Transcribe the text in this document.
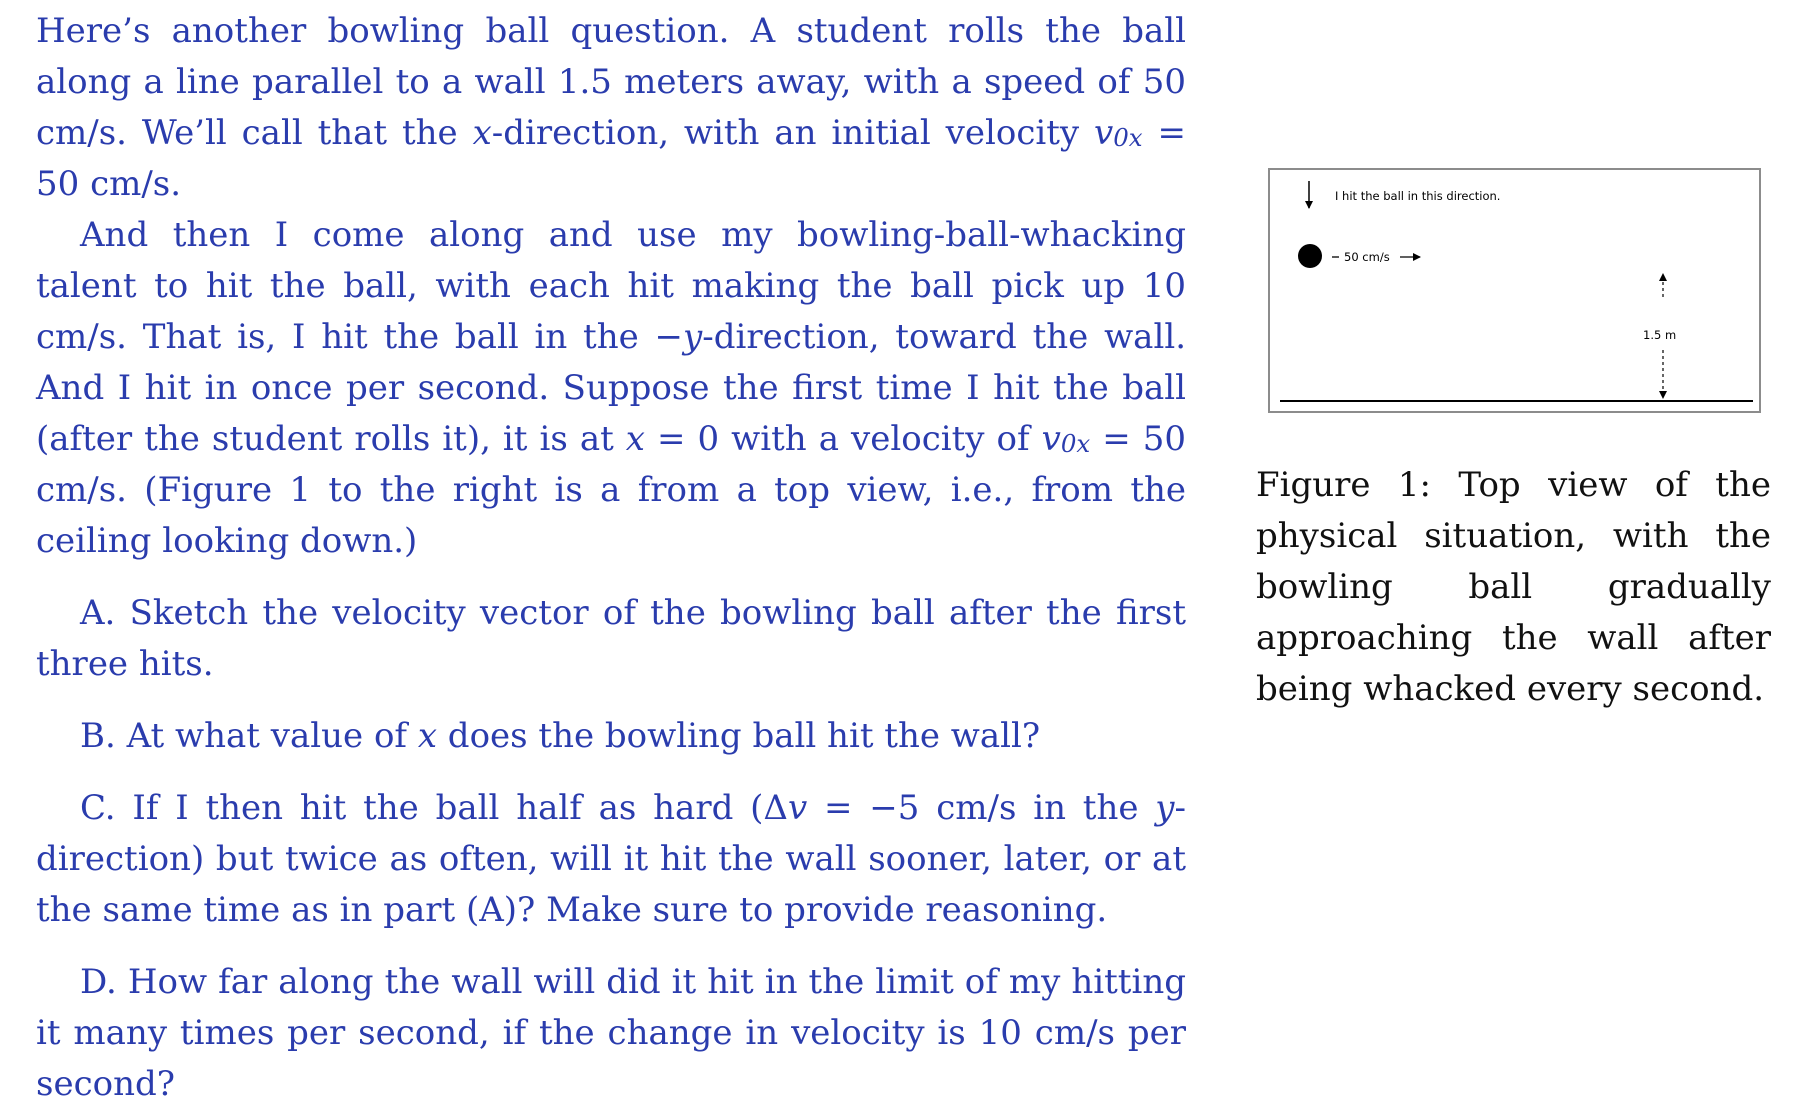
Here’s another bowling ball question. A student rolls the ball along a line parallel to a wall 1.5 meters away, with a speed of 50 cm/s. We’ll call that the x-direction, with an initial velocity $v_{0x} = 50$ cm/s.

And then I come along and use my bowling-ball-whacking talent to hit the ball, with each hit making the ball pick up 10 cm/s. That is, I hit the ball in the −y-direction, toward the wall. And I hit in once per second. Suppose the first time I hit the ball (after the student rolls it), it is at x = 0 with a velocity of $v_{0x} = 50$ cm/s. (Figure 1 to the right is a from a top view, i.e., from the ceiling looking down.)

A. Sketch the velocity vector of the bowling ball after the first three hits.

B. At what value of x does the bowling ball hit the wall?

C. If I then hit the ball half as hard (Δv = −5 cm/s in the y-direction) but twice as often, will it hit the wall sooner, later, or at the same time as in part (A)? Make sure to provide reasoning.

D. How far along the wall will did it hit in the limit of my hitting it many times per second, if the change in velocity is 10 cm/s per second?

I hit the ball in this direction.
50 cm/s
1.5 m
Figure 1: Top view of the physical situation, with the bowling ball gradually approaching the wall after being whacked every second.
